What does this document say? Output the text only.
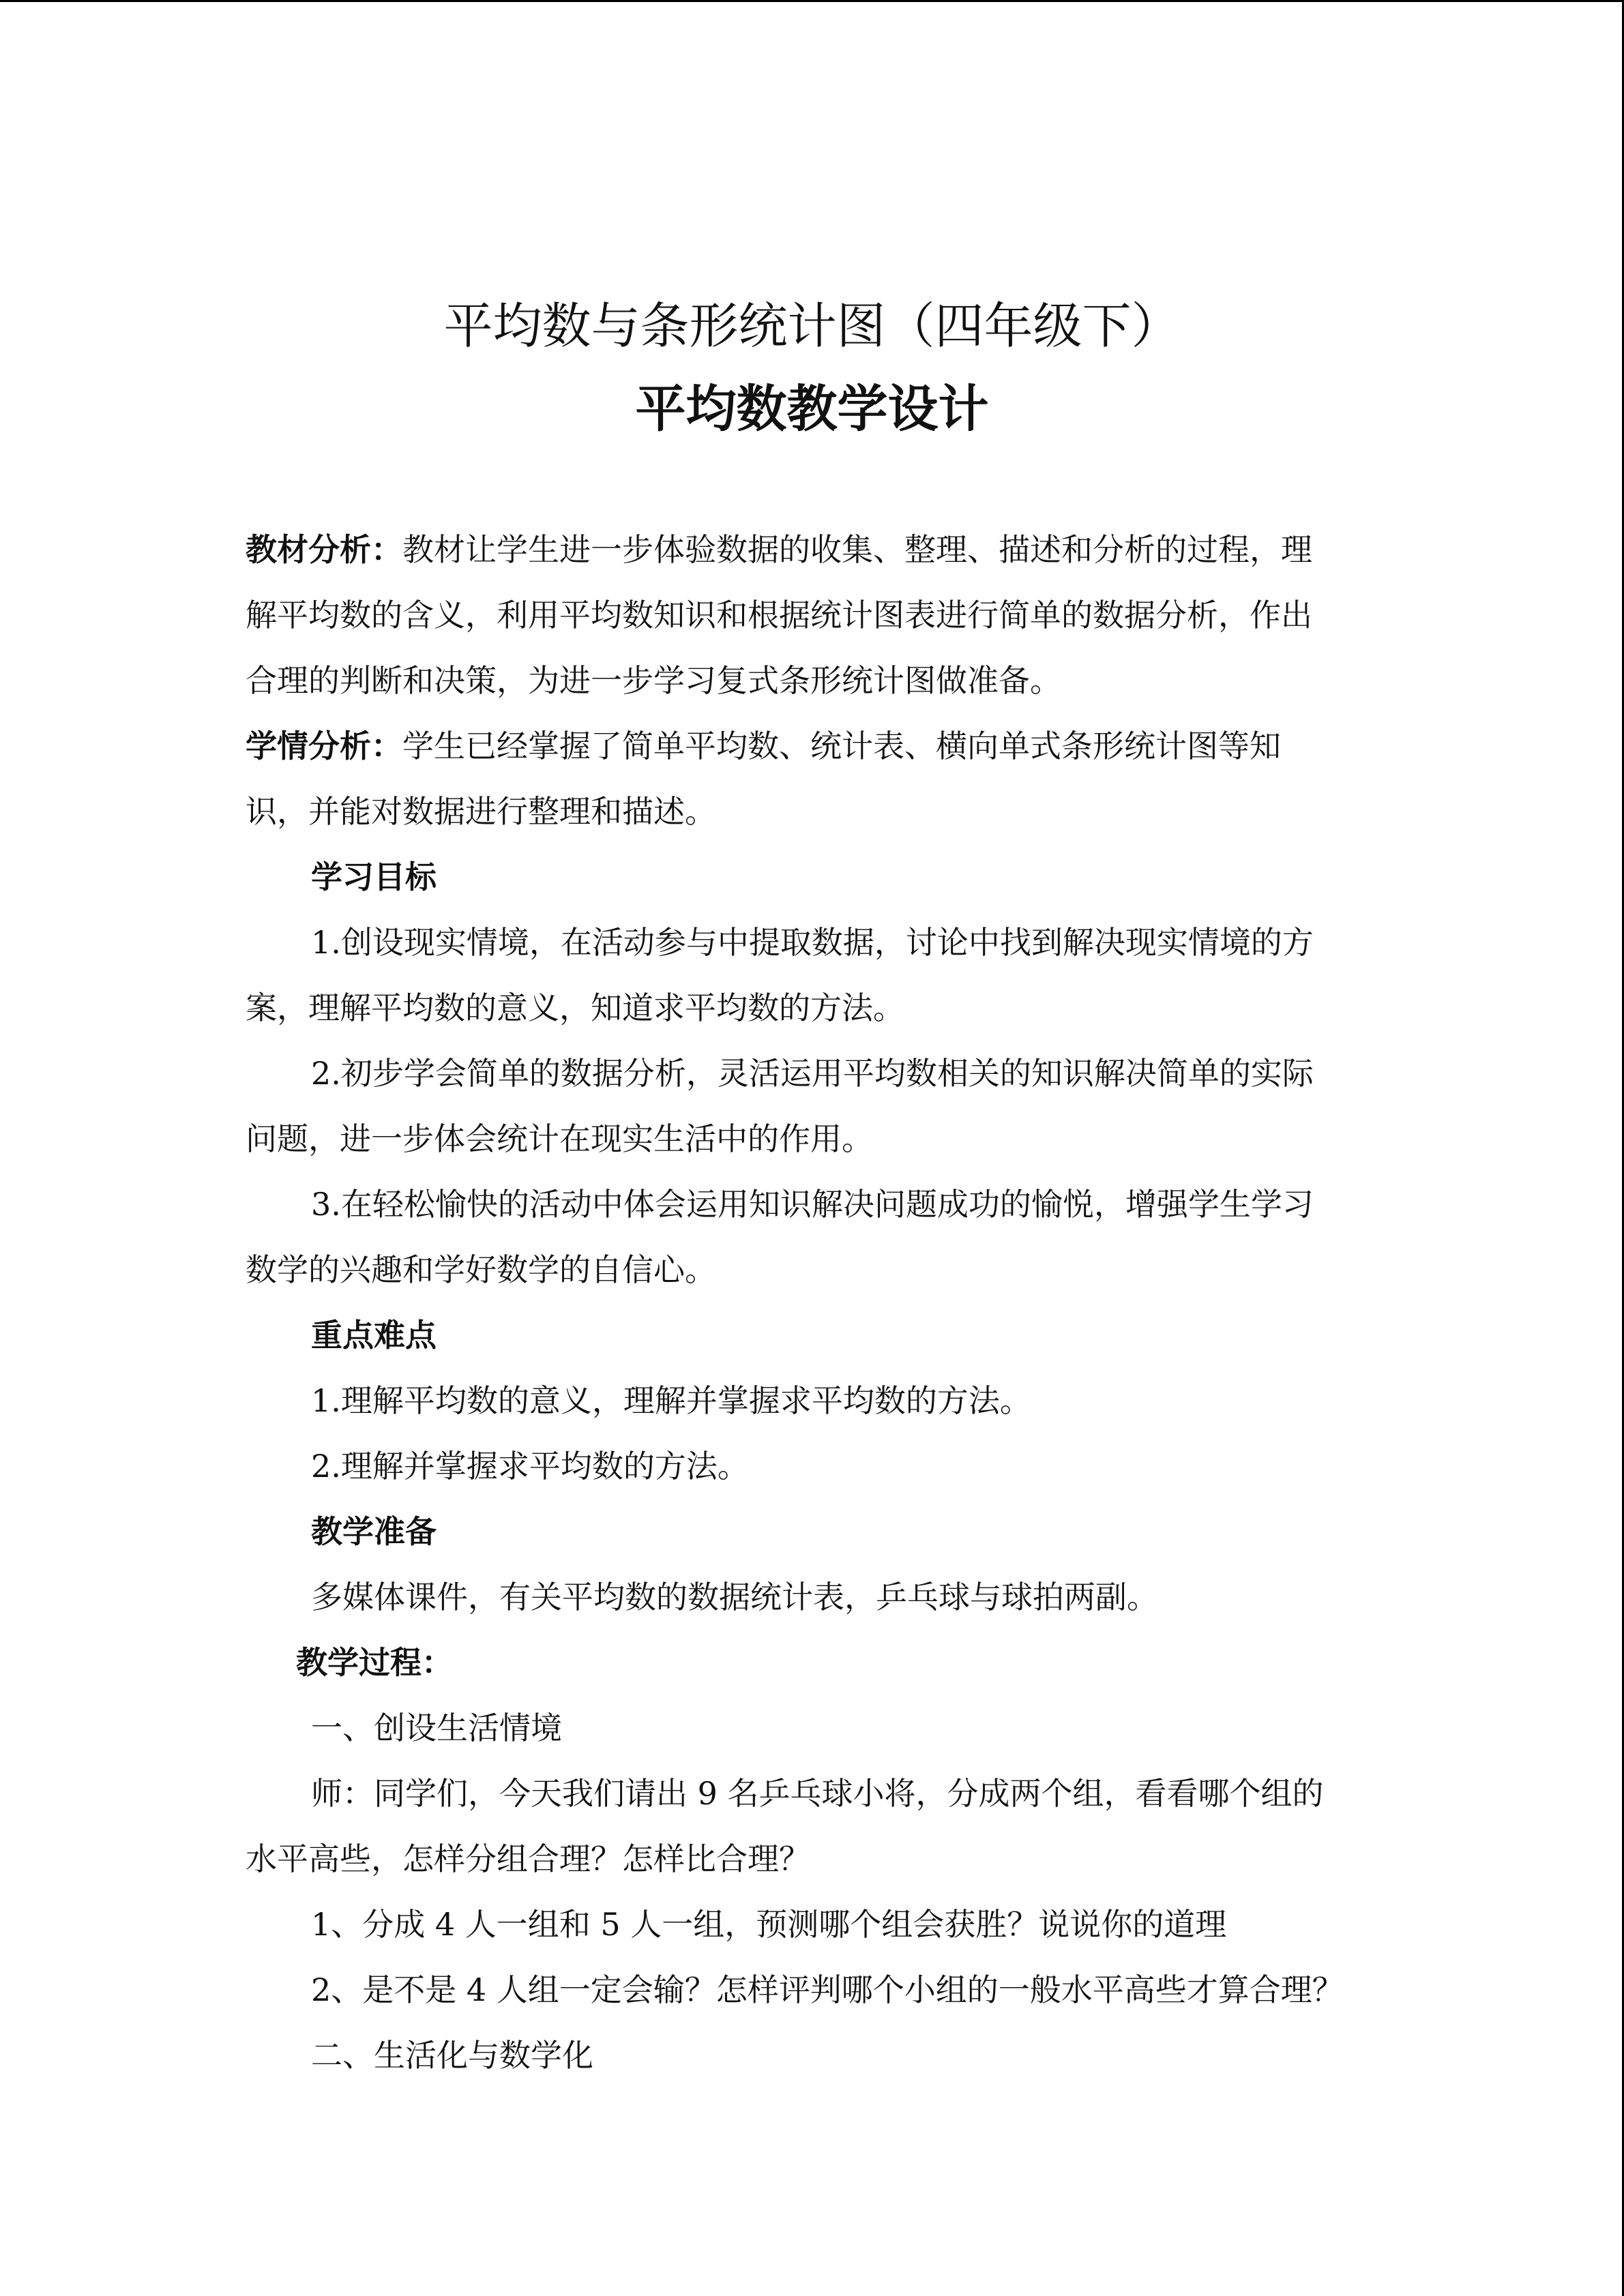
平均数与条形统计图（四年级下）
平均数教学设计

教材分析：教材让学生进一步体验数据的收集、整理、描述和分析的过程，理

解平均数的含义，利用平均数知识和根据统计图表进行简单的数据分析，作出

合理的判断和决策，为进一步学习复式条形统计图做准备。

学情分析：学生已经掌握了简单平均数、统计表、横向单式条形统计图等知

识，并能对数据进行整理和描述。

学习目标

1.创设现实情境，在活动参与中提取数据，讨论中找到解决现实情境的方

案，理解平均数的意义，知道求平均数的方法。

2.初步学会简单的数据分析，灵活运用平均数相关的知识解决简单的实际

问题，进一步体会统计在现实生活中的作用。

3.在轻松愉快的活动中体会运用知识解决问题成功的愉悦，增强学生学习

数学的兴趣和学好数学的自信心。

重点难点

1.理解平均数的意义，理解并掌握求平均数的方法。

2.理解并掌握求平均数的方法。

教学准备

多媒体课件，有关平均数的数据统计表，乒乓球与球拍两副。

教学过程：

一、创设生活情境

师：同学们，今天我们请出 9 名乒乓球小将，分成两个组，看看哪个组的

水平高些，怎样分组合理？怎样比合理？

1、分成 4 人一组和 5 人一组，预测哪个组会获胜？说说你的道理

2、是不是 4 人组一定会输？怎样评判哪个小组的一般水平高些才算合理？

二、生活化与数学化
